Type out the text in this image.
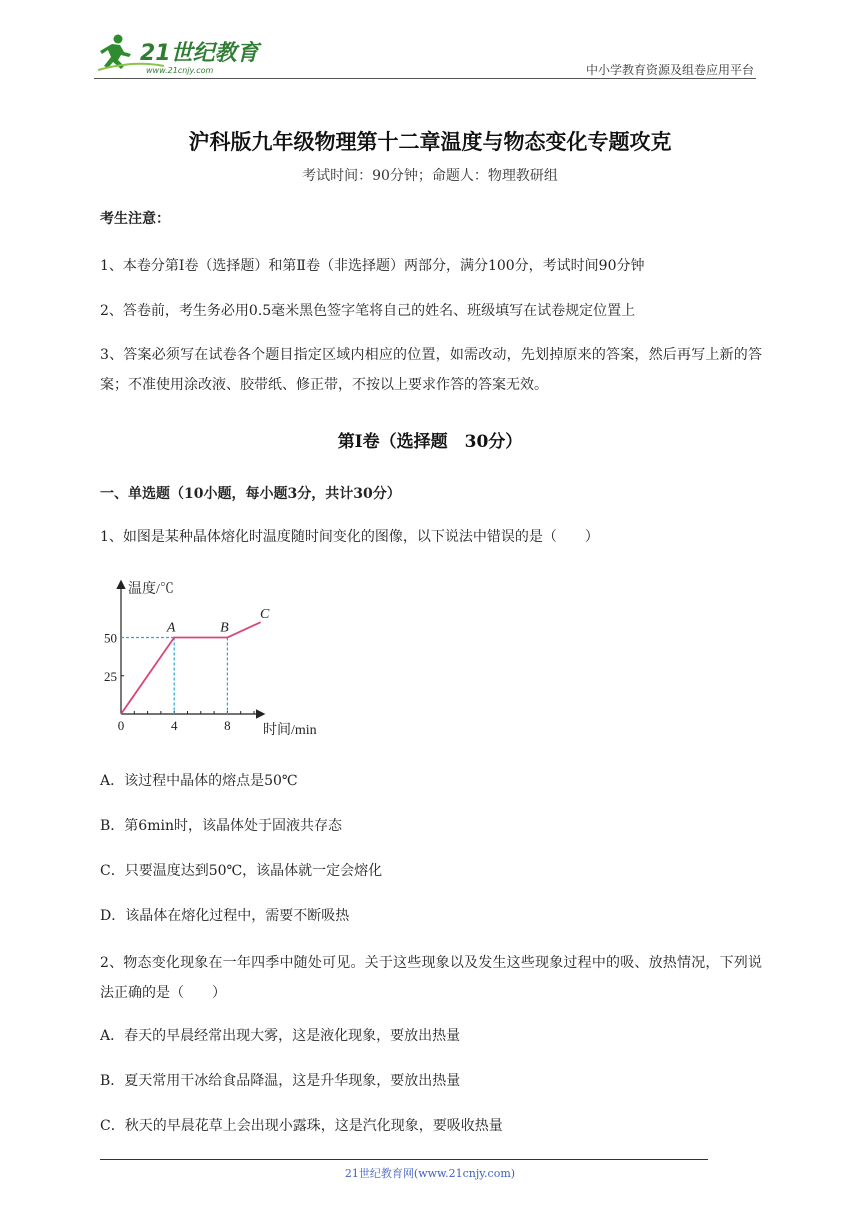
21世纪教育
www.21cnjy.com	中小学教育资源及组卷应用平台
沪科版九年级物理第十二章温度与物态变化专题攻克
考试时间：90分钟；命题人：物理教研组
考生注意：
1、本卷分第Ⅰ卷（选择题）和第Ⅱ卷（非选择题）两部分，满分100分，考试时间90分钟
2、答卷前，考生务必用0.5毫米黑色签字笔将自己的姓名、班级填写在试卷规定位置上
3、答案必须写在试卷各个题目指定区域内相应的位置，如需改动，先划掉原来的答案，然后再写上新的答案；不准使用涂改液、胶带纸、修正带，不按以上要求作答的答案无效。
第Ⅰ卷（选择题　30分）
一、单选题（10小题，每小题3分，共计30分）
1、如图是某种晶体熔化时温度随时间变化的图像，以下说法中错误的是（　　）
温度/℃
时间/min
0	4	8
50
25
A	B
C
A．该过程中晶体的熔点是50℃
B．第6min时，该晶体处于固液共存态
C．只要温度达到50℃，该晶体就一定会熔化
D．该晶体在熔化过程中，需要不断吸热
2、物态变化现象在一年四季中随处可见。关于这些现象以及发生这些现象过程中的吸、放热情况，下列说法正确的是（　　）
A．春天的早晨经常出现大雾，这是液化现象，要放出热量
B．夏天常用干冰给食品降温，这是升华现象，要放出热量
C．秋天的早晨花草上会出现小露珠，这是汽化现象，要吸收热量
21世纪教育网(www.21cnjy.com)
